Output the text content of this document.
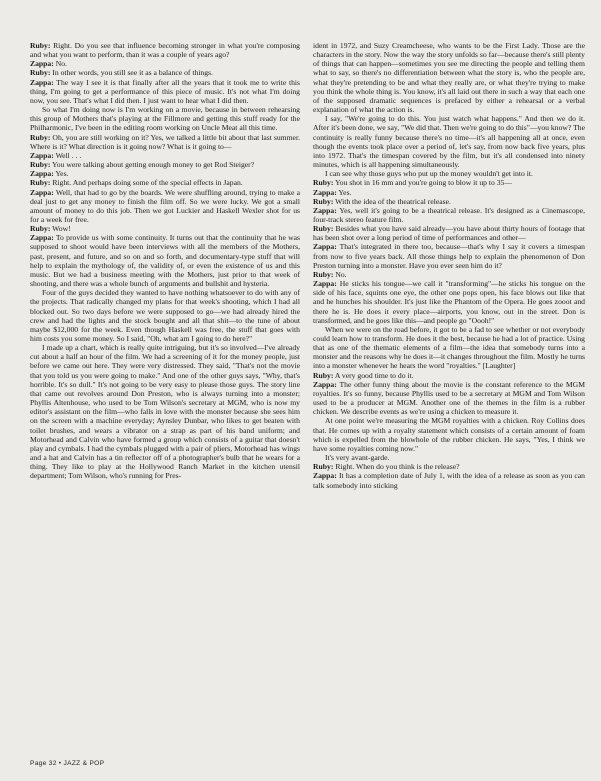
Ruby: Right. Do you see that influence becoming stronger in what you're composing and what you want to perform, than it was a couple of years ago?

Zappa: No.

Ruby: In other words, you still see it as a balance of things.

Zappa: The way I see it is that finally after all the years that it took me to write this thing, I'm going to get a performance of this piece of music. It's not what I'm doing now, you see. That's what I did then. I just want to hear what I did then.

So what I'm doing now is I'm working on a movie, because in between rehearsing this group of Mothers that's playing at the Fillmore and getting this stuff ready for the Philharmonic, I've been in the editing room working on Uncle Meat all this time.

Ruby: Oh, you are still working on it? Yes, we talked a little bit about that last summer. Where is it? What direction is it going now? What is it going to—

Zappa: Well . . .

Ruby: You were talking about getting enough money to get Rod Steiger?

Zappa: Yes.

Ruby: Right. And perhaps doing some of the special effects in Japan.

Zappa: Well, that had to go by the boards. We were shuffling around, trying to make a deal just to get any money to finish the film off. So we were lucky. We got a small amount of money to do this job. Then we got Luckier and Haskell Wexler shot for us for a week for free.

Ruby: Wow!

Zappa: To provide us with some continuity. It turns out that the continuity that he was supposed to shoot would have been interviews with all the members of the Mothers, past, present, and future, and so on and so forth, and documentary-type stuff that will help to explain the mythology of, the validity of, or even the existence of us and this music. But we had a business meeting with the Mothers, just prior to that week of shooting, and there was a whole bunch of arguments and bullshit and hysteria.

Four of the guys decided they wanted to have nothing whatsoever to do with any of the projects. That radically changed my plans for that week's shooting, which I had all blocked out. So two days before we were supposed to go—we had already hired the crew and had the lights and the stock bought and all that shit—to the tune of about maybe $12,000 for the week. Even though Haskell was free, the stuff that goes with him costs you some money. So I said, "Oh, what am I going to do here?"

I made up a chart, which is really quite intriguing, but it's so involved—I've already cut about a half an hour of the film. We had a screening of it for the money people, just before we came out here. They were very distressed. They said, "That's not the movie that you told us you were going to make." And one of the other guys says, "Why, that's horrible. It's so dull." It's not going to be very easy to please those guys. The story line that came out revolves around Don Preston, who is always turning into a monster; Phyllis Altenhouse, who used to be Tom Wilson's secretary at MGM, who is now my editor's assistant on the film—who falls in love with the monster because she sees him on the screen with a machine everyday; Aynsley Dunbar, who likes to get beaten with toilet brushes, and wears a vibrator on a strap as part of his band uniform; and Motorhead and Calvin who have formed a group which consists of a guitar that doesn't play and cymbals. I had the cymbals plugged with a pair of pliers, Motorhead has wings and a hat and Calvin has a tin reflector off of a photographer's bulb that he wears for a thing. They like to play at the Hollywood Ranch Market in the kitchen utensil department; Tom Wilson, who's running for Pres-

ident in 1972, and Suzy Creamcheese, who wants to be the First Lady. Those are the characters in the story. Now the way the story unfolds so far—because there's still plenty of things that can happen—sometimes you see me directing the people and telling them what to say, so there's no differentiation between what the story is, who the people are, what they're pretending to be and what they really are, or what they're trying to make you think the whole thing is. You know, it's all laid out there in such a way that each one of the supposed dramatic sequences is prefaced by either a rehearsal or a verbal explanation of what the action is.

I say, "We're going to do this. You just watch what happens." And then we do it. After it's been done, we say, "We did that. Then we're going to do this"—you know? The continuity is really funny because there's no time—it's all happening all at once, even though the events took place over a period of, let's say, from now back five years, plus into 1972. That's the timespan covered by the film, but it's all condensed into ninety minutes, which is all happening simultaneously.

I can see why those guys who put up the money wouldn't get into it.

Ruby: You shot in 16 mm and you're going to blow it up to 35—

Zappa: Yes.

Ruby: With the idea of the theatrical release.

Zappa: Yes, well it's going to be a theatrical release. It's designed as a Cinemascope, four-track stereo feature film.

Ruby: Besides what you have said already—you have about thirty hours of footage that has been shot over a long period of time of performances and other—

Zappa: That's integrated in there too, because—that's why I say it covers a timespan from now to five years back. All those things help to explain the phenomenon of Don Preston turning into a monster. Have you ever seen him do it?

Ruby: No.

Zappa: He sticks his tongue—we call it "transforming"—he sticks his tongue on the side of his face, squints one eye, the other one pops open, his face blows out like that and he hunches his shoulder. It's just like the Phantom of the Opera. He goes zooot and there he is. He does it every place—airports, you know, out in the street. Don is transformed, and he goes like this—and people go "Oooh!"

When we were on the road before, it got to be a fad to see whether or not everybody could learn how to transform. He does it the best, because he had a lot of practice. Using that as one of the thematic elements of a film—the idea that somebody turns into a monster and the reasons why he does it—it changes throughout the film. Mostly he turns into a monster whenever he hears the word "royalties." [Laughter]

Ruby: A very good time to do it.

Zappa: The other funny thing about the movie is the constant reference to the MGM royalties. It's so funny, because Phyllis used to be a secretary at MGM and Tom Wilson used to be a producer at MGM. Another one of the themes in the film is a rubber chicken. We describe events as we're using a chicken to measure it.

At one point we're measuring the MGM royalties with a chicken. Roy Collins does that. He comes up with a royalty statement which consists of a certain amount of foam which is expelled from the blowhole of the rubber chicken. He says, "Yes, I think we have some royalties coming now."

It's very avant-garde.

Ruby: Right. When do you think is the release?

Zappa: It has a completion date of July 1, with the idea of a release as soon as you can talk somebody into sticking

Page 32 • JAZZ & POP
